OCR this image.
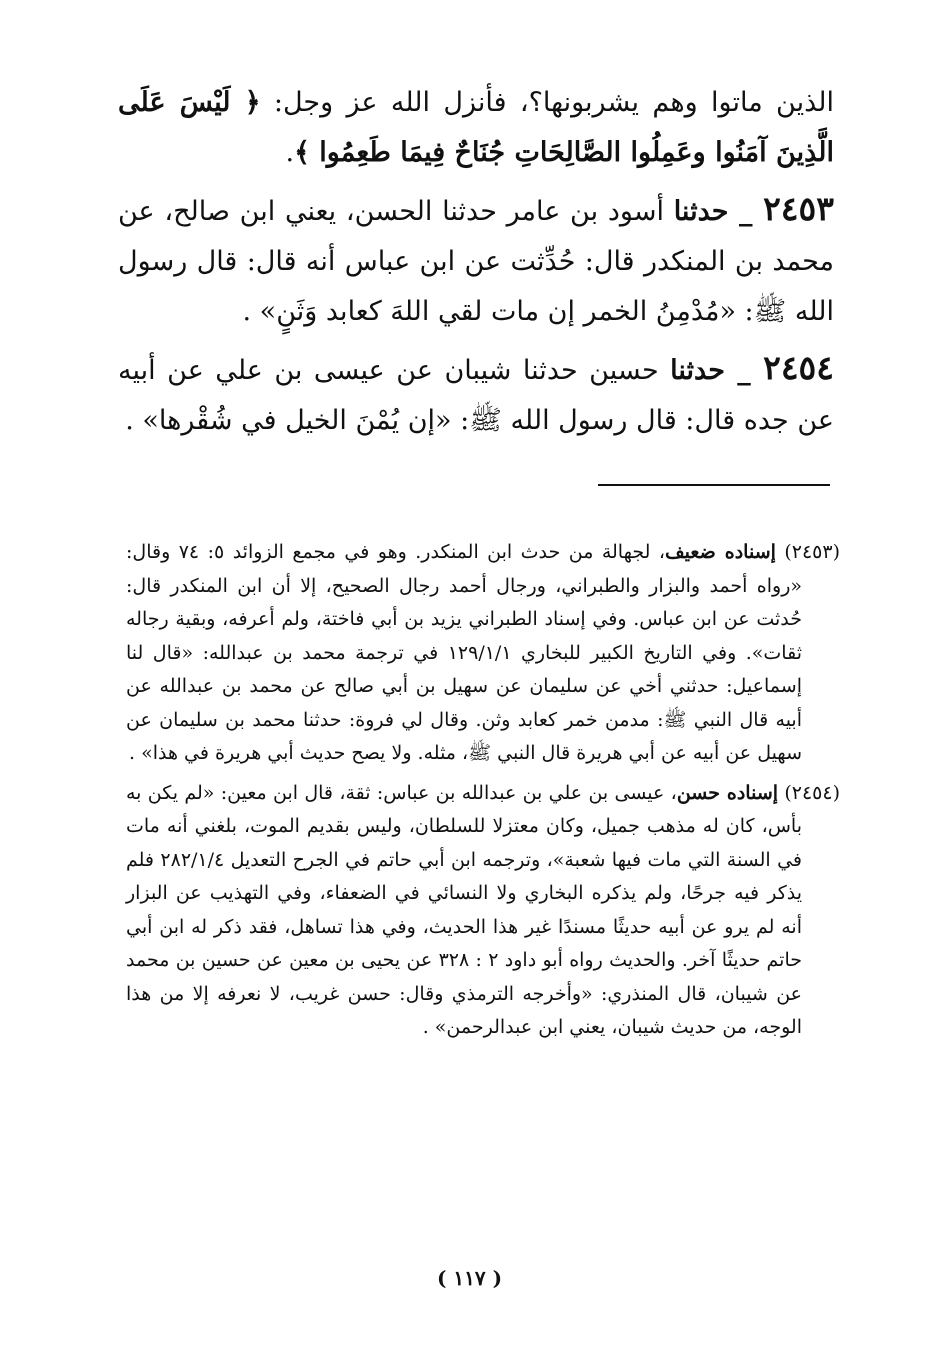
الذين ماتوا وهم يشربونها؟، فأنزل الله عز وجل: ﴿ لَيْسَ عَلَى الَّذِينَ آمَنُوا وعَمِلُوا الصَّالِحَاتِ جُنَاحٌ فِيمَا طَعِمُوا ﴾.

٢٤٥٣ _ حدثنا أسود بن عامر حدثنا الحسن، يعني ابن صالح، عن محمد بن المنكدر قال: حُدِّثت عن ابن عباس أنه قال: قال رسول الله ﷺ: «مُدْمِنُ الخمر إن مات لقي اللهَ كعابد وَثَنٍ» .

٢٤٥٤ _ حدثنا حسين حدثنا شيبان عن عيسى بن علي عن أبيه عن جده قال: قال رسول الله ﷺ: «إن يُمْنَ الخيل في شُقْرها» .

(٢٤٥٣) إسناده ضعيف، لجهالة من حدث ابن المنكدر. وهو في مجمع الزوائد ٥: ٧٤ وقال: «رواه أحمد والبزار والطبراني، ورجال أحمد رجال الصحيح، إلا أن ابن المنكدر قال: حُدثت عن ابن عباس. وفي إسناد الطبراني يزيد بن أبي فاختة، ولم أعرفه، وبقية رجاله ثقات». وفي التاريخ الكبير للبخاري ١٢٩/١/١ في ترجمة محمد بن عبدالله: «قال لنا إسماعيل: حدثني أخي عن سليمان عن سهيل بن أبي صالح عن محمد بن عبدالله عن أبيه قال النبي ﷺ: مدمن خمر كعابد وثن. وقال لي فروة: حدثنا محمد بن سليمان عن سهيل عن أبيه عن أبي هريرة قال النبي ﷺ، مثله. ولا يصح حديث أبي هريرة في هذا» .

(٢٤٥٤) إسناده حسن، عيسى بن علي بن عبدالله بن عباس: ثقة، قال ابن معين: «لم يكن به بأس، كان له مذهب جميل، وكان معتزلا للسلطان، وليس بقديم الموت، بلغني أنه مات في السنة التي مات فيها شعبة»، وترجمه ابن أبي حاتم في الجرح التعديل ٢٨٢/١/٤ فلم يذكر فيه جرحًا، ولم يذكره البخاري ولا النسائي في الضعفاء، وفي التهذيب عن البزار أنه لم يرو عن أبيه حديثًا مسندًا غير هذا الحديث، وفي هذا تساهل، فقد ذكر له ابن أبي حاتم حديثًا آخر. والحديث رواه أبو داود ٢ : ٣٢٨ عن يحيى بن معين عن حسين بن محمد عن شيبان، قال المنذري: «وأخرجه الترمذي وقال: حسن غريب، لا نعرفه إلا من هذا الوجه، من حديث شيبان، يعني ابن عبدالرحمن» .

( ١١٧ )
